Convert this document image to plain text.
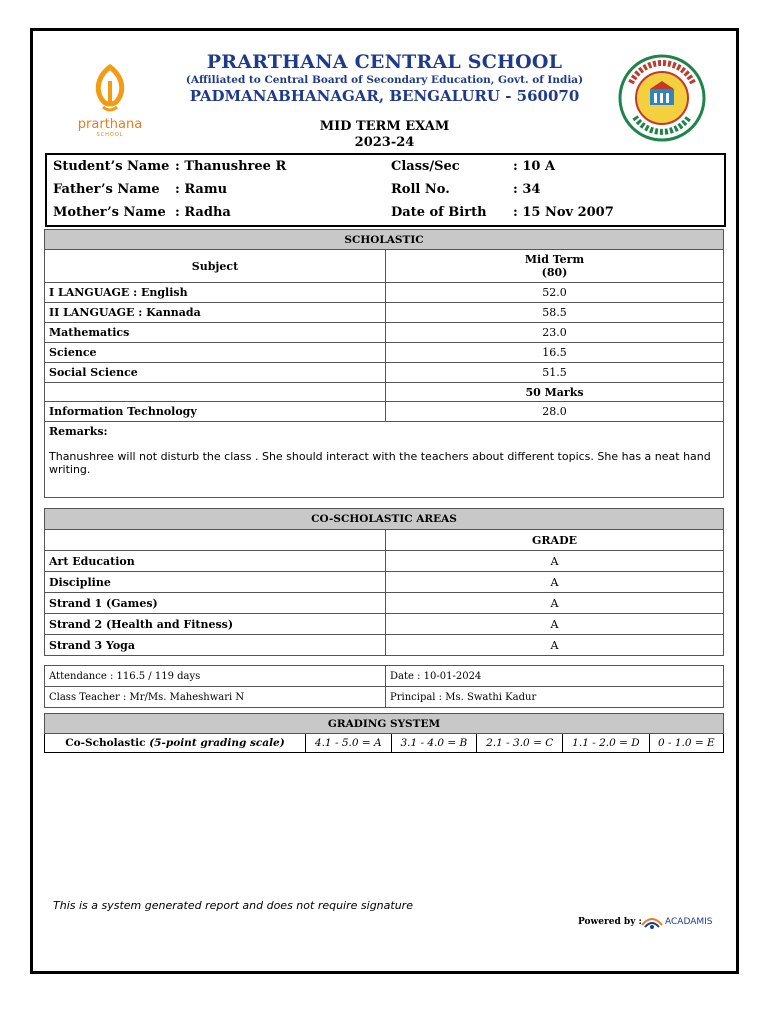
prarthana
SCHOOL
PRARTHANA CENTRAL SCHOOL
(Affiliated to Central Board of Secondary Education, Govt. of India)
PADMANABHANAGAR, BENGALURU - 560070
MID TERM EXAM
2023-24
Student’s Name : Thanushree R	Class/Sec	: 10 A
Father’s Name : Ramu	Roll No.	: 34
Mother’s Name : Radha	Date of Birth : 15 Nov 2007
SCHOLASTIC	
Subject	Mid Term
(80)

I LANGUAGE : English	52.0
II LANGUAGE : Kannada	58.5
Mathematics	23.0
Science	16.5
Social Science	51.5
	50 Marks
Information Technology	28.0
Remarks:
Thanushree will not disturb the class . She should interact with the teachers about different topics. She has a neat hand writing.
CO-SCHOLASTIC AREAS	
	GRADE
Art Education	A
Discipline	A
Strand 1 (Games)	A
Strand 2 (Health and Fitness)	A
Strand 3 Yoga	A
Attendance : 116.5 / 119 days	Date : 10-01-2024
Class Teacher : Mr/Ms. Maheshwari N	Principal : Ms. Swathi Kadur
GRADING SYSTEM
Co-Scholastic (5-point grading scale)	4.1 - 5.0 = A	3.1 - 4.0 = B	2.1 - 3.0 = C	1.1 - 2.0 = D	0 - 1.0 = E
This is a system generated report and does not require signature
Powered by :	ACADAMIS
